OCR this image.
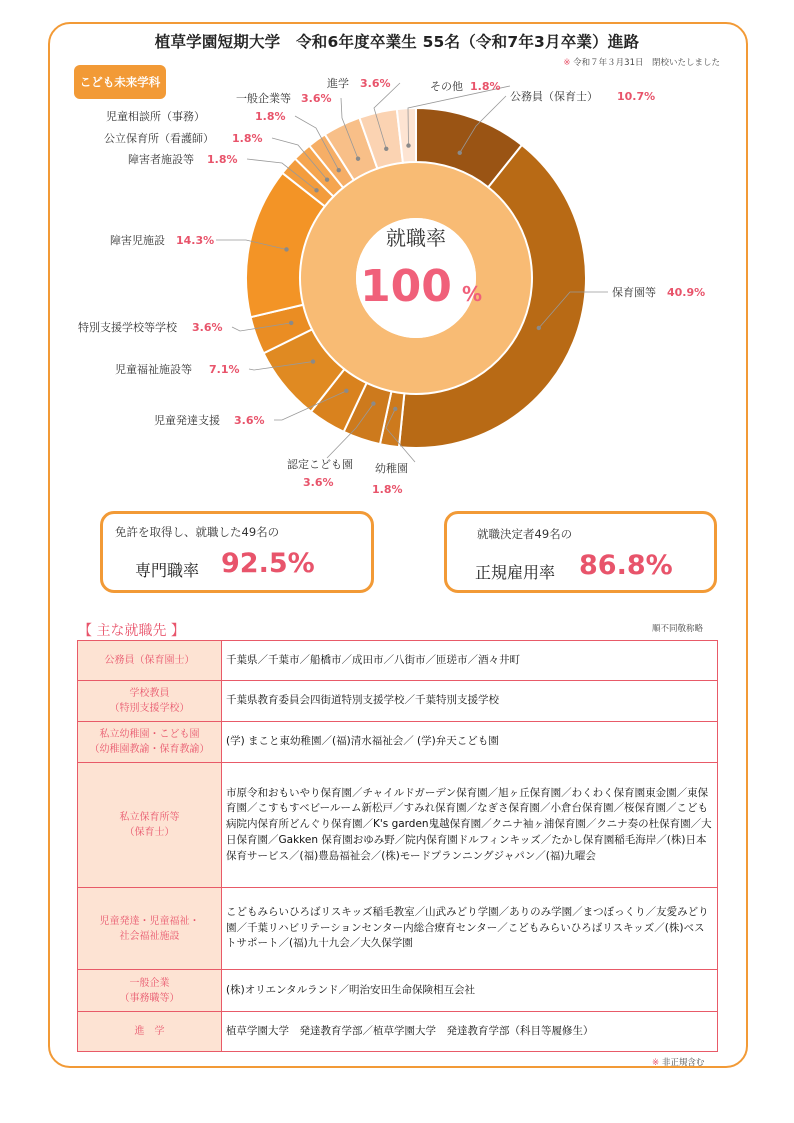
植草学園短期大学　令和6年度卒業生 55名（令和7年3月卒業）進路
※ 令和７年３月31日　閉校いたしました
こども未来学科
公務員（保育士） 10.7%
保育園等 40.9%
幼稚園
1.8%
認定こども園
3.6%
児童発達支援 3.6%
児童福祉施設等 7.1%
特別支援学校等学校 3.6%
障害児施設 14.3%
障害者施設等 1.8%
公立保育所（看護師） 1.8%
児童相談所（事務）	1.8%
一般企業等 3.6%
進学 3.6%	その他 1.8%
就職率
100 %
免許を取得し、就職した49名の
専門職率 92.5%
就職決定者49名の
正規雇用率 86.8%
【 主な就職先 】	順不同敬称略
公務員（保育園士）	千葉県／千葉市／船橋市／成田市／八街市／匝瑳市／酒々井町
学校教員
（特別支援学校）	千葉県教育委員会四街道特別支援学校／千葉特別支援学校
私立幼稚園・こども園
（幼稚園教諭・保育教諭）	(学) まこと東幼稚園／(福)清水福祉会／ (学)弁天こども園
私立保育所等
（保育士）	市原令和おもいやり保育園／チャイルドガーデン保育園／旭ヶ丘保育園／わくわく保育園東金園／東保育園／こすもすベビールーム新松戸／すみれ保育園／なぎさ保育園／小倉台保育園／桜保育園／こども病院内保育所どんぐり保育園／K's garden鬼越保育園／クニナ袖ヶ浦保育園／クニナ奏の杜保育園／大日保育園／Gakken 保育園おゆみ野／院内保育園ドルフィンキッズ／たかし保育園稲毛海岸／(株)日本保育サービス／(福)豊島福祉会／(株)モードプランニングジャパン／(福)九曜会
児童発達・児童福祉・
社会福祉施設	こどもみらいひろばリスキッズ稲毛教室／山武みどり学園／ありのみ学園／まつぼっくり／友愛みどり園／千葉リハビリテーションセンター内総合療育センター／こどもみらいひろばリスキッズ／(株)ベストサポート／(福)九十九会／大久保学園
一般企業
（事務職等）	(株)オリエンタルランド／明治安田生命保険相互会社
進　学	植草学園大学　発達教育学部／植草学園大学　発達教育学部（科目等履修生）
※ 非正規含む
